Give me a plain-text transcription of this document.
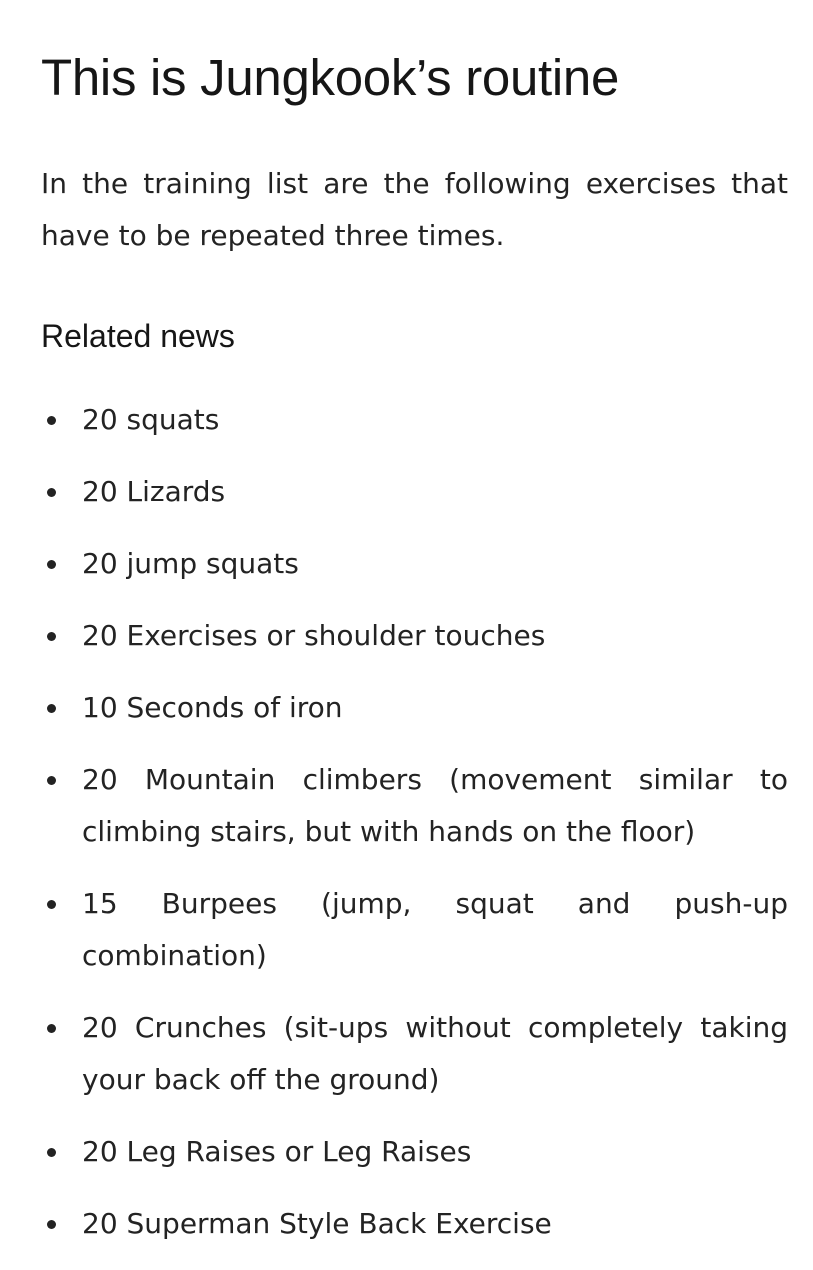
This is Jungkook’s routine

In the training list are the following exercises that have to be repeated three times.

Related news
20 squats
20 Lizards
20 jump squats
20 Exercises or shoulder touches
10 Seconds of iron
20 Mountain climbers (movement similar to climbing stairs, but with hands on the floor)
15 Burpees (jump, squat and push-up combination)
20 Crunches (sit-ups without completely taking your back off the ground)
20 Leg Raises or Leg Raises
20 Superman Style Back Exercise
